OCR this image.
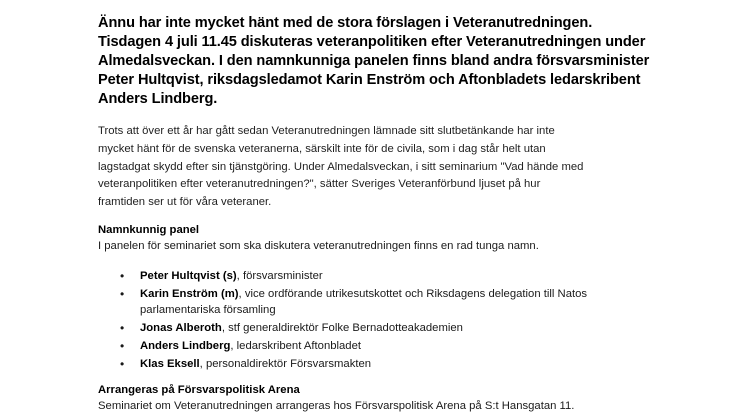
Ännu har inte mycket hänt med de stora förslagen i Veteranutredningen.
Tisdagen 4 juli 11.45 diskuteras veteranpolitiken efter Veteranutredningen under
Almedalsveckan. I den namnkunniga panelen finns bland andra försvarsminister
Peter Hultqvist, riksdagsledamot Karin Enström och Aftonbladets ledarskribent
Anders Lindberg.
Trots att över ett år har gått sedan Veteranutredningen lämnade sitt slutbetänkande har inte
mycket hänt för de svenska veteranerna, särskilt inte för de civila, som i dag står helt utan
lagstadgat skydd efter sin tjänstgöring. Under Almedalsveckan, i sitt seminarium "Vad hände med
veteranpolitiken efter veteranutredningen?", sätter Sveriges Veteranförbund ljuset på hur
framtiden ser ut för våra veteraner.

Namnkunnig panel

I panelen för seminariet som ska diskutera veteranutredningen finns en rad tunga namn.

• Peter Hultqvist (s), försvarsminister
• Karin Enström (m), vice ordförande utrikesutskottet och Riksdagens delegation till Natos
parlamentariska församling
• Jonas Alberoth, stf generaldirektör Folke Bernadotteakademien
• Anders Lindberg, ledarskribent Aftonbladet
• Klas Eksell, personaldirektör Försvarsmakten

Arrangeras på Försvarspolitisk Arena

Seminariet om Veteranutredningen arrangeras hos Försvarspolitisk Arena på S:t Hansgatan 11.
